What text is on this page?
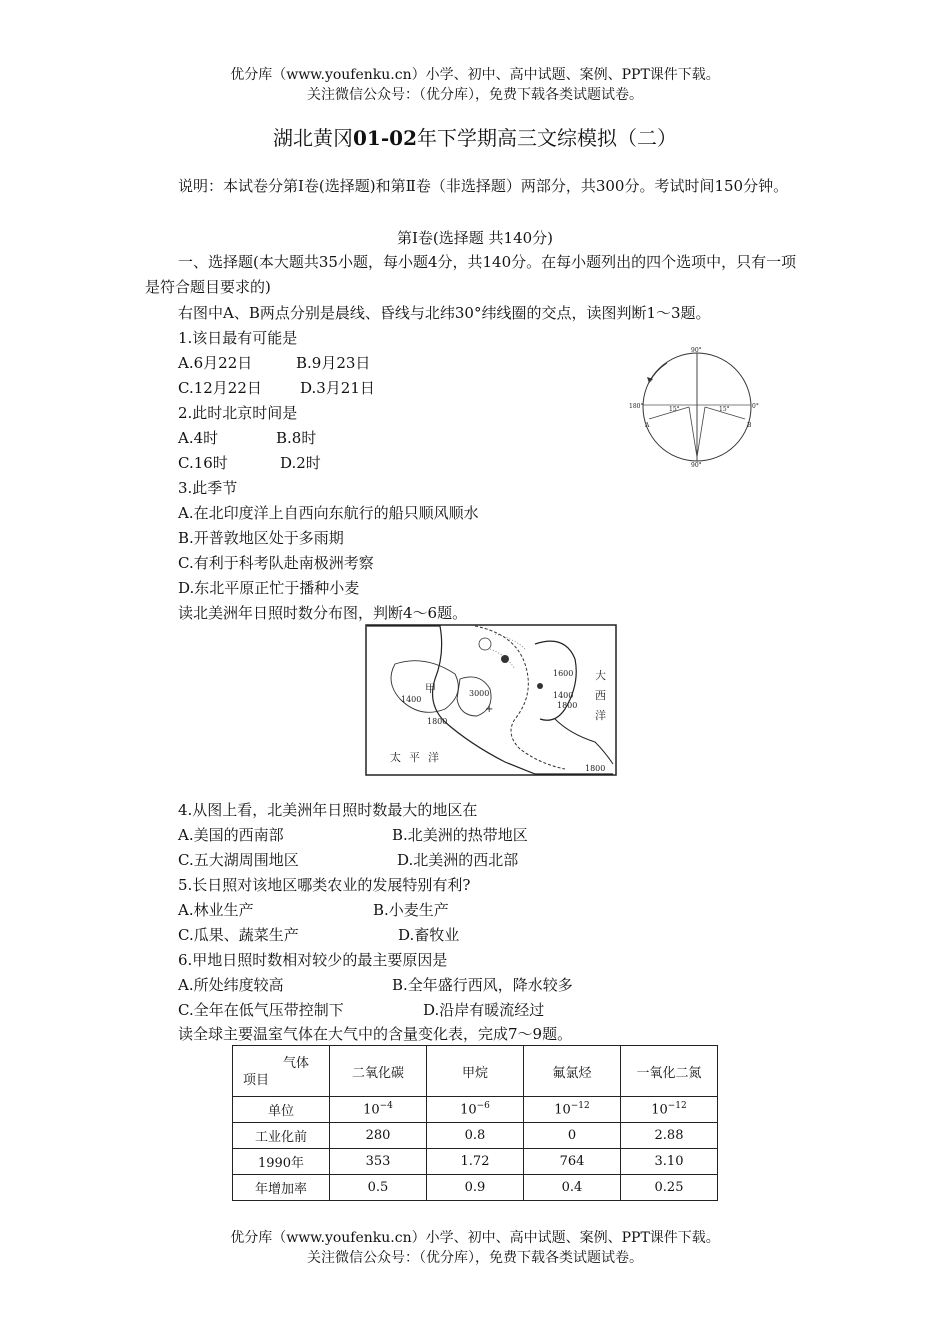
优分库（www.youfenku.cn）小学、初中、高中试题、案例、PPT课件下载。
关注微信公众号：（优分库），免费下载各类试题试卷。
湖北黄冈01-02年下学期高三文综模拟（二）
说明：本试卷分第Ⅰ卷(选择题)和第Ⅱ卷（非选择题）两部分，共300分。考试时间150分钟。
第Ⅰ卷(选择题 共140分)
一、选择题(本大题共35小题，每小题4分，共140分。在每小题列出的四个选项中，只有一项是符合题目要求的)
右图中A、B两点分别是晨线、昏线与北纬30°纬线圈的交点，读图判断1～3题。
1.该日最有可能是
A.6月22日	B.9月23日
C.12月22日	D.3月21日
2.此时北京时间是
A.4时	B.8时
C.16时	D.2时
3.此季节
A.在北印度洋上自西向东航行的船只顺风顺水
B.开普敦地区处于多雨期
C.有利于科考队赴南极洲考察
D.东北平原正忙于播种小麦
读北美洲年日照时数分布图，判断4～6题。
90°
90°
180°	0°
15°	15°
A	B
大
西
洋
太平洋
甲
1400
1800
3000
1600
1400
1800
1800
+
4.从图上看，北美洲年日照时数最大的地区在
A.美国的西南部	B.北美洲的热带地区
C.五大湖周围地区	D.北美洲的西北部
5.长日照对该地区哪类农业的发展特别有利?
A.林业生产	B.小麦生产
C.瓜果、蔬菜生产	D.畜牧业
6.甲地日照时数相对较少的最主要原因是
A.所处纬度较高	B.全年盛行西风，降水较多
C.全年在低气压带控制下	D.沿岸有暖流经过
读全球主要温室气体在大气中的含量变化表，完成7～9题。
气体
项目	二氧化碳	甲烷	氟氯烃	一氧化二氮
单位	$10^{-4}$	$10^{-6}$	$10^{-12}$	$10^{-12}$
工业化前	280	0.8	0	2.88
1990年	353	1.72	764	3.10
年增加率	0.5	0.9	0.4	0.25
优分库（www.youfenku.cn）小学、初中、高中试题、案例、PPT课件下载。
关注微信公众号：（优分库），免费下载各类试题试卷。
